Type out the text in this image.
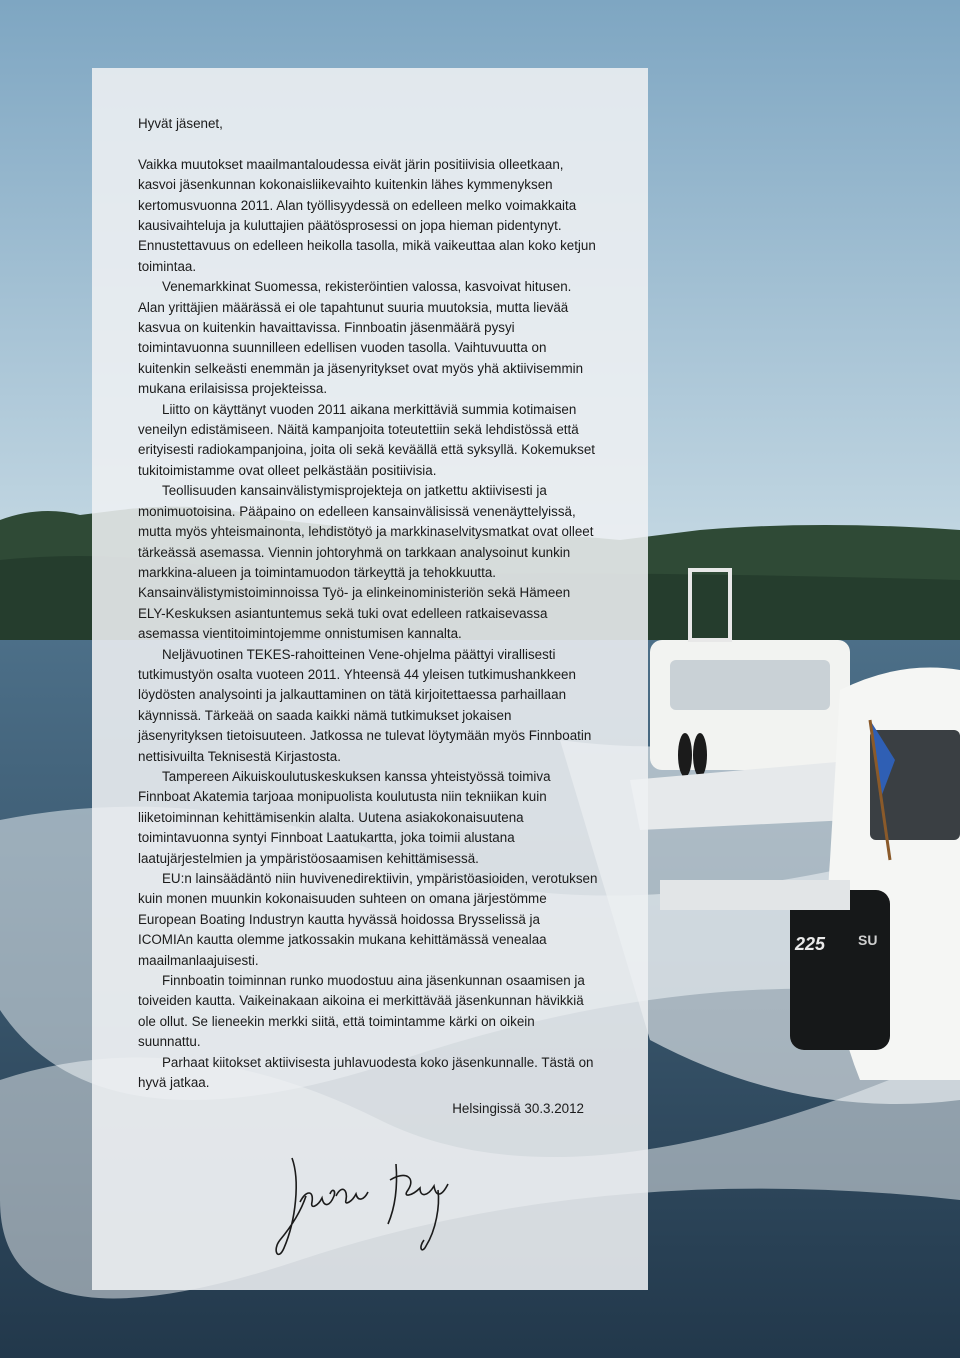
225 SU

Hyvät jäsenet,

Vaikka muutokset maailmantaloudessa eivät järin positiivisia olleetkaan, kasvoi jäsenkunnan kokonaisliikevaihto kuitenkin lähes kymmenyksen kertomusvuonna 2011. Alan työllisyydessä on edelleen melko voimakkaita kausivaihteluja ja kuluttajien päätösprosessi on jopa hieman pidentynyt. Ennustettavuus on edelleen heikolla tasolla, mikä vaikeuttaa alan koko ketjun toimintaa.

Venemarkkinat Suomessa, rekisteröintien valossa, kasvoivat hitusen. Alan yrittäjien määrässä ei ole tapahtunut suuria muutoksia, mutta lievää kasvua on kuitenkin havaittavissa. Finnboatin jäsenmäärä pysyi toimintavuonna suunnilleen edellisen vuoden tasolla. Vaihtuvuutta on kuitenkin selkeästi enemmän ja jäsenyritykset ovat myös yhä aktiivisemmin mukana erilaisissa projekteissa.

Liitto on käyttänyt vuoden 2011 aikana merkittäviä summia kotimaisen veneilyn edistämiseen. Näitä kampanjoita toteutettiin sekä lehdistössä että erityisesti radiokampanjoina, joita oli sekä keväällä että syksyllä. Kokemukset tukitoimistamme ovat olleet pelkästään positiivisia.

Teollisuuden kansainvälistymisprojekteja on jatkettu aktiivisesti ja monimuotoisina. Pääpaino on edelleen kansainvälisissä venenäyttelyissä, mutta myös yhteismainonta, lehdistötyö ja markkinaselvitysmatkat ovat olleet tärkeässä asemassa. Viennin johtoryhmä on tarkkaan analysoinut kunkin markkina-alueen ja toimintamuodon tärkeyttä ja tehokkuutta. Kansainvälistymistoiminnoissa Työ- ja elinkeinoministeriön sekä Hämeen ELY-Keskuksen asiantuntemus sekä tuki ovat edelleen ratkaisevassa asemassa vientitoimintojemme onnistumisen kannalta.

Neljävuotinen TEKES-rahoitteinen Vene-ohjelma päättyi virallisesti tutkimustyön osalta vuoteen 2011. Yhteensä 44 yleisen tutkimushankkeen löydösten analysointi ja jalkauttaminen on tätä kirjoitettaessa parhaillaan käynnissä. Tärkeää on saada kaikki nämä tutkimukset jokaisen jäsenyrityksen tietoisuuteen. Jatkossa ne tulevat löytymään myös Finnboatin nettisivuilta Teknisestä Kirjastosta.

Tampereen Aikuiskoulutuskeskuksen kanssa yhteistyössä toimiva Finnboat Akatemia tarjoaa monipuolista koulutusta niin tekniikan kuin liiketoiminnan kehittämisenkin alalta. Uutena asiakokonaisuutena toimintavuonna syntyi Finnboat Laatukartta, joka toimii alustana laatujärjestelmien ja ympäristöosaamisen kehittämisessä.

EU:n lainsäädäntö niin huvivenedirektiivin, ympäristöasioiden, verotuksen kuin monen muunkin kokonaisuuden suhteen on omana järjestömme European Boating Industryn kautta hyvässä hoidossa Brysselissä ja ICOMIAn kautta olemme jatkossakin mukana kehittämässä venealaa maailmanlaajuisesti.

Finnboatin toiminnan runko muodostuu aina jäsenkunnan osaamisen ja toiveiden kautta. Vaikeinakaan aikoina ei merkittävää jäsenkunnan hävikkiä ole ollut. Se lieneekin merkki siitä, että toimintamme kärki on oikein suunnattu.

Parhaat kiitokset aktiivisesta juhlavuodesta koko jäsenkunnalle. Tästä on hyvä jatkaa.

Helsingissä 30.3.2012
